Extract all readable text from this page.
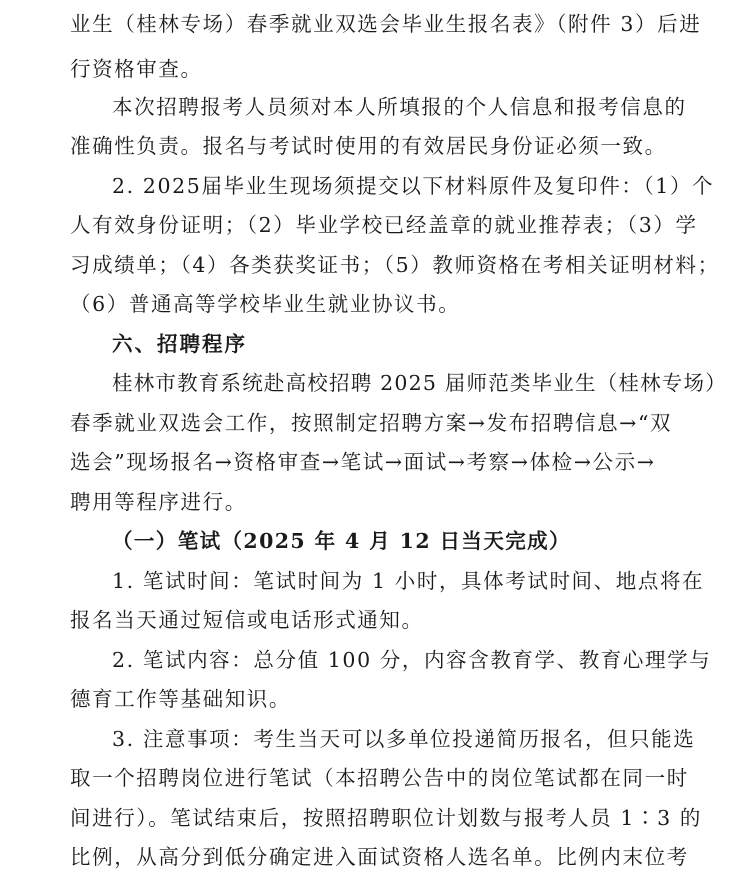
业生（桂林专场）春季就业双选会毕业生报名表》（附件 3）后进
行资格审查。
本次招聘报考人员须对本人所填报的个人信息和报考信息的
准确性负责。报名与考试时使用的有效居民身份证必须一致。
2. 2025届毕业生现场须提交以下材料原件及复印件：（1）个
人有效身份证明；（2）毕业学校已经盖章的就业推荐表；（3）学
习成绩单；（4）各类获奖证书；（5）教师资格在考相关证明材料；
（6）普通高等学校毕业生就业协议书。
六、招聘程序
桂林市教育系统赴高校招聘 2025 届师范类毕业生（桂林专场）
春季就业双选会工作，按照制定招聘方案→发布招聘信息→“双
选会”现场报名→资格审查→笔试→面试→考察→体检→公示→
聘用等程序进行。
（一）笔试（2025 年 4 月 12 日当天完成）
1. 笔试时间：笔试时间为 1 小时，具体考试时间、地点将在
报名当天通过短信或电话形式通知。
2. 笔试内容：总分值 100 分，内容含教育学、教育心理学与
德育工作等基础知识。
3. 注意事项：考生当天可以多单位投递简历报名，但只能选
取一个招聘岗位进行笔试（本招聘公告中的岗位笔试都在同一时
间进行）。笔试结束后，按照招聘职位计划数与报考人员 1∶3 的
比例，从高分到低分确定进入面试资格人选名单。比例内末位考
